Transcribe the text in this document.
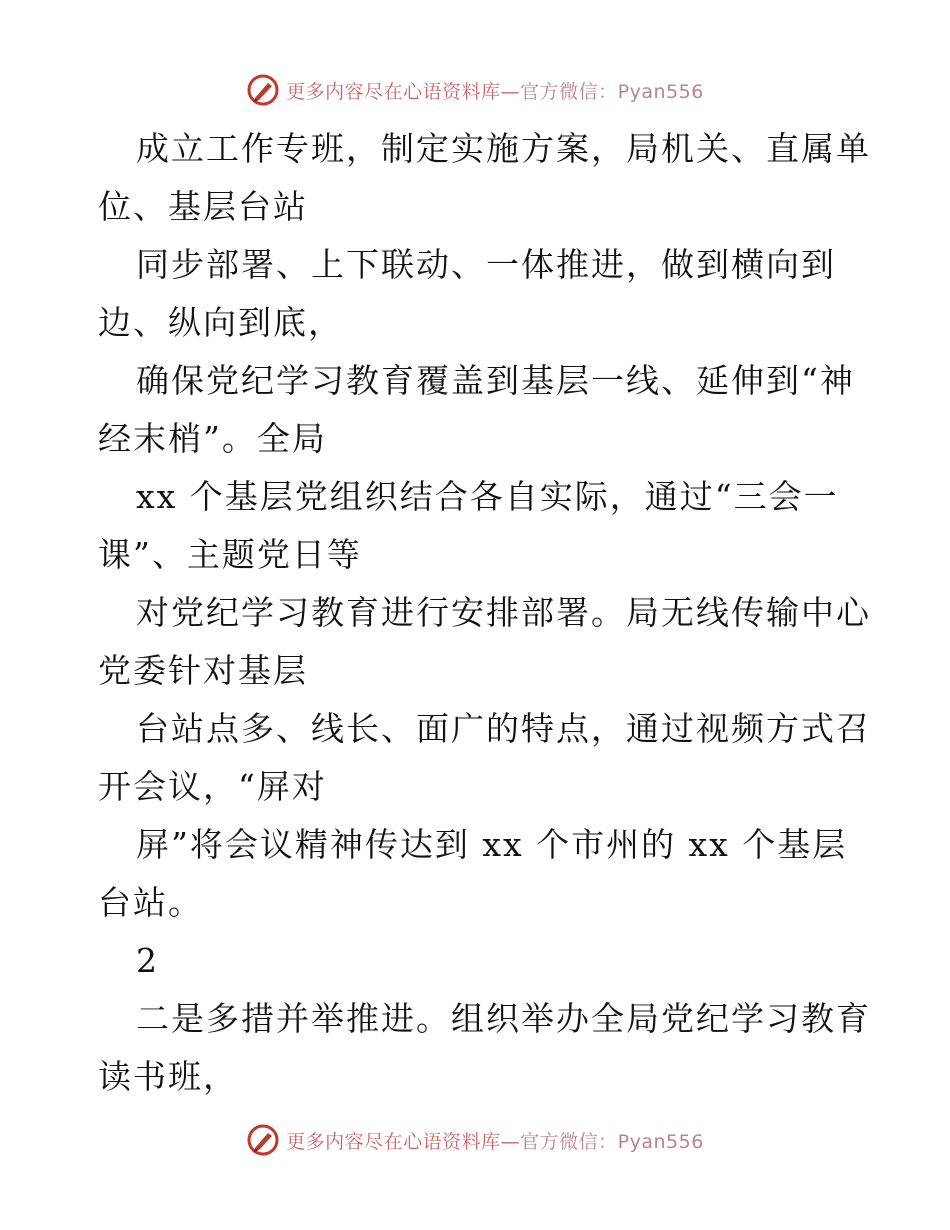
更多内容尽在心语资料库—官方微信：Pyan556
成立工作专班，制定实施方案，局机关、直属单
位、基层台站
同步部署、上下联动、一体推进，做到横向到
边、纵向到底，
确保党纪学习教育覆盖到基层一线、延伸到“神
经末梢”。全局
xx 个基层党组织结合各自实际，通过“三会一
课”、主题党日等
对党纪学习教育进行安排部署。局无线传输中心
党委针对基层
台站点多、线长、面广的特点，通过视频方式召
开会议，“屏对
屏”将会议精神传达到 xx 个市州的 xx 个基层
台站。
2
二是多措并举推进。组织举办全局党纪学习教育
读书班，
更多内容尽在心语资料库—官方微信：Pyan556
